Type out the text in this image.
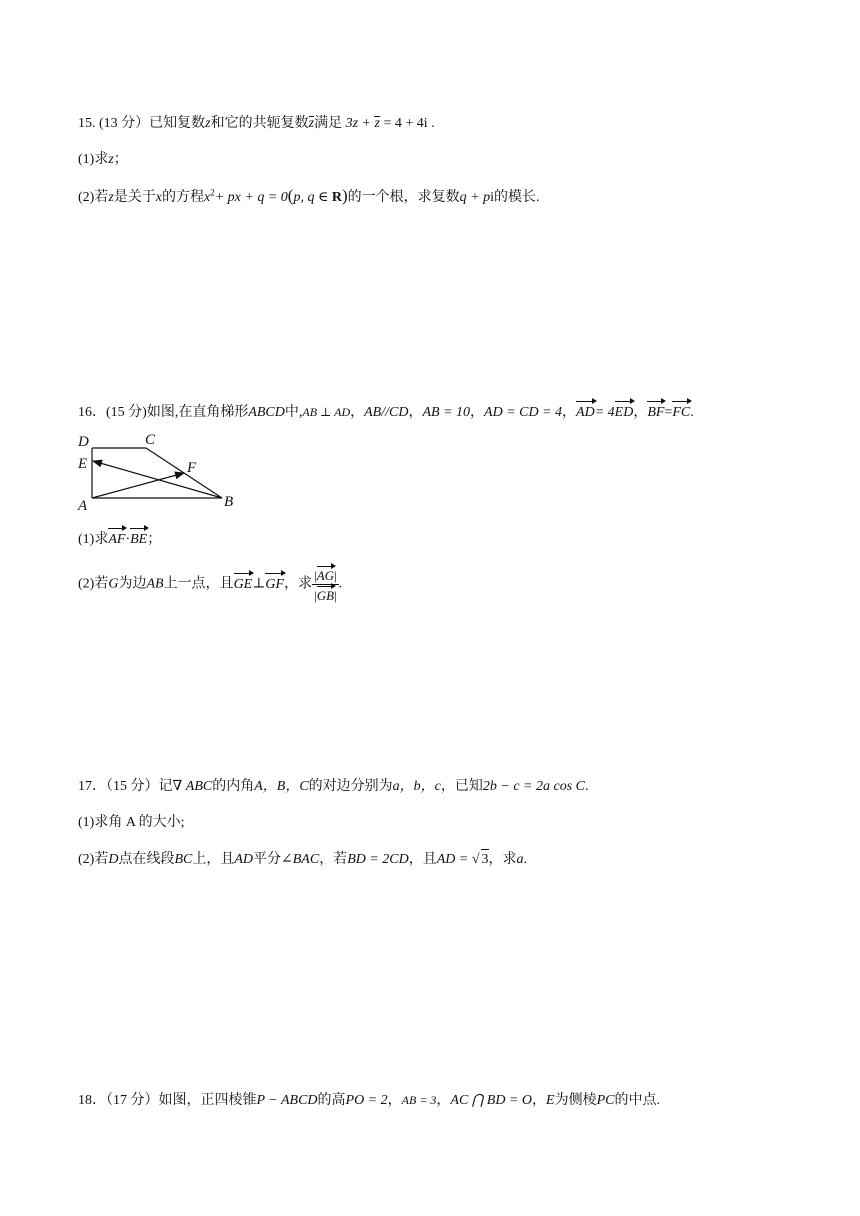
15. (13 分）已知复数z和它的共轭复数z满足 3z + z = 4 + 4i .
(1)求z；
(2)若z是关于x的方程$x^2+$ px + q = 0(p, q ∈ R)的一个根，求复数q + pi的模长.
16．(15 分)如图,在直角梯形ABCD中,AB ⊥ AD，AB//CD，AB = 10，AD = CD = 4，AD= 4ED，BF=FC.
D	C
E	F
A	B
(1)求AF·BE；
(2)若G为边AB上一点，且GE⊥GF，求 $\frac{|AG|}{|GB|}$ .
17．（15 分）记∇ ABC的内角A，B，C的对边分别为a，b，c，已知2b − c = 2a cos C.
(1)求角 A 的大小;
(2)若D点在线段BC上，且AD平分∠BAC，若BD = 2CD，且AD = √ 3，求a.
18．（17 分）如图，正四棱锥P − ABCD的高PO = 2，AB = 3，AC ⋂ BD = O，E为侧棱PC的中点.
